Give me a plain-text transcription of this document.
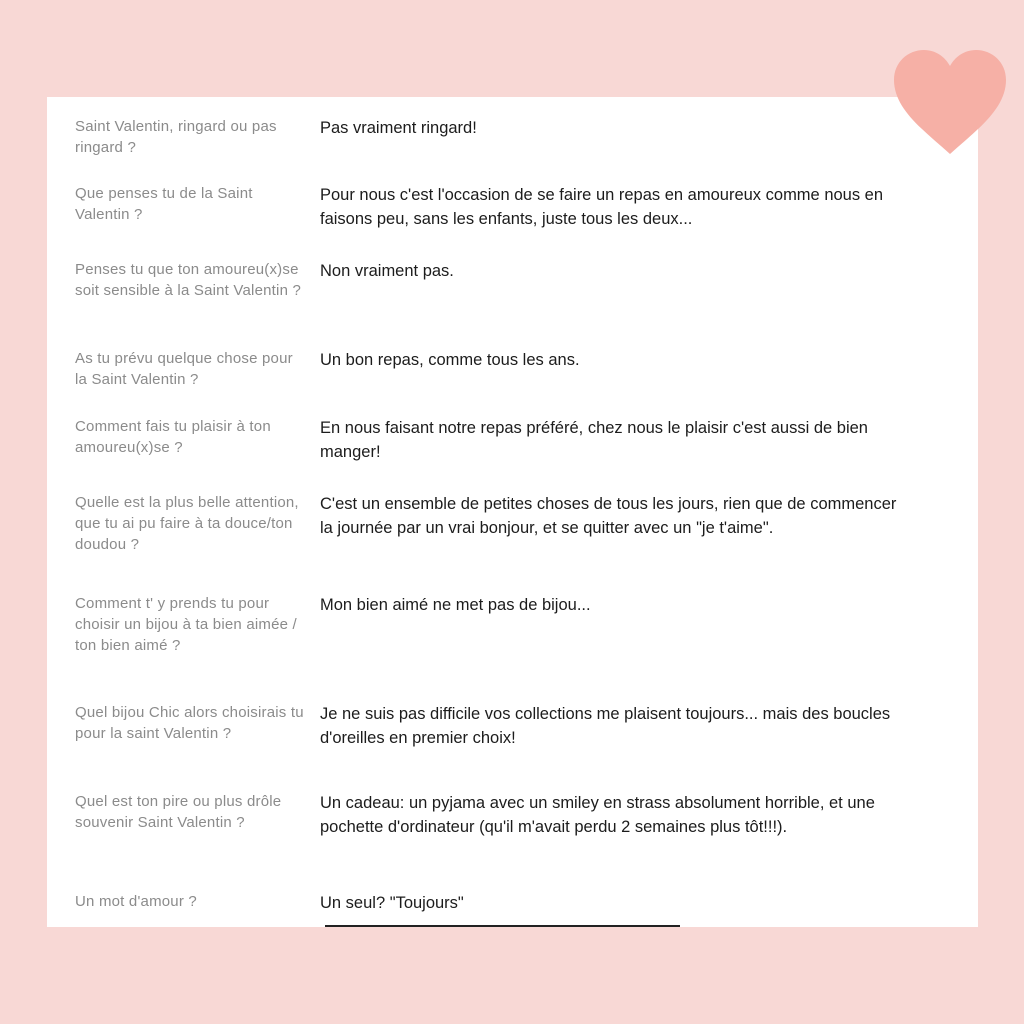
Saint Valentin, ringard ou pas ringard ?
Pas vraiment ringard!
Que penses tu de la Saint Valentin ?
Pour nous c'est l'occasion de se faire un repas en amoureux comme nous en faisons peu, sans les enfants, juste tous les deux...
Penses tu que ton amoureu(x)se soit sensible à la Saint Valentin ?
Non vraiment pas.
As tu prévu quelque chose pour la Saint Valentin ?
Un bon repas, comme tous les ans.
Comment fais tu plaisir à ton amoureu(x)se ?
En nous faisant notre repas préféré, chez nous le plaisir c'est aussi de bien manger!
Quelle est la plus belle attention, que tu ai pu faire à ta douce/ton doudou ?
C'est un ensemble de petites choses de tous les jours, rien que de commencer la journée par un vrai bonjour, et se quitter avec un "je t'aime".
Comment t' y prends tu pour choisir un bijou à ta bien aimée / ton bien aimé ?
Mon bien aimé ne met pas de bijou...
Quel bijou Chic alors choisirais tu pour la saint Valentin ?
Je ne suis pas difficile vos collections me plaisent toujours... mais des boucles d'oreilles en premier choix!
Quel est ton pire ou plus drôle souvenir Saint Valentin ?
Un cadeau: un pyjama avec un smiley en strass absolument horrible, et une pochette d'ordinateur (qu'il m'avait perdu 2 semaines plus tôt!!!).
Un mot d'amour ?	Un seul? "Toujours"
